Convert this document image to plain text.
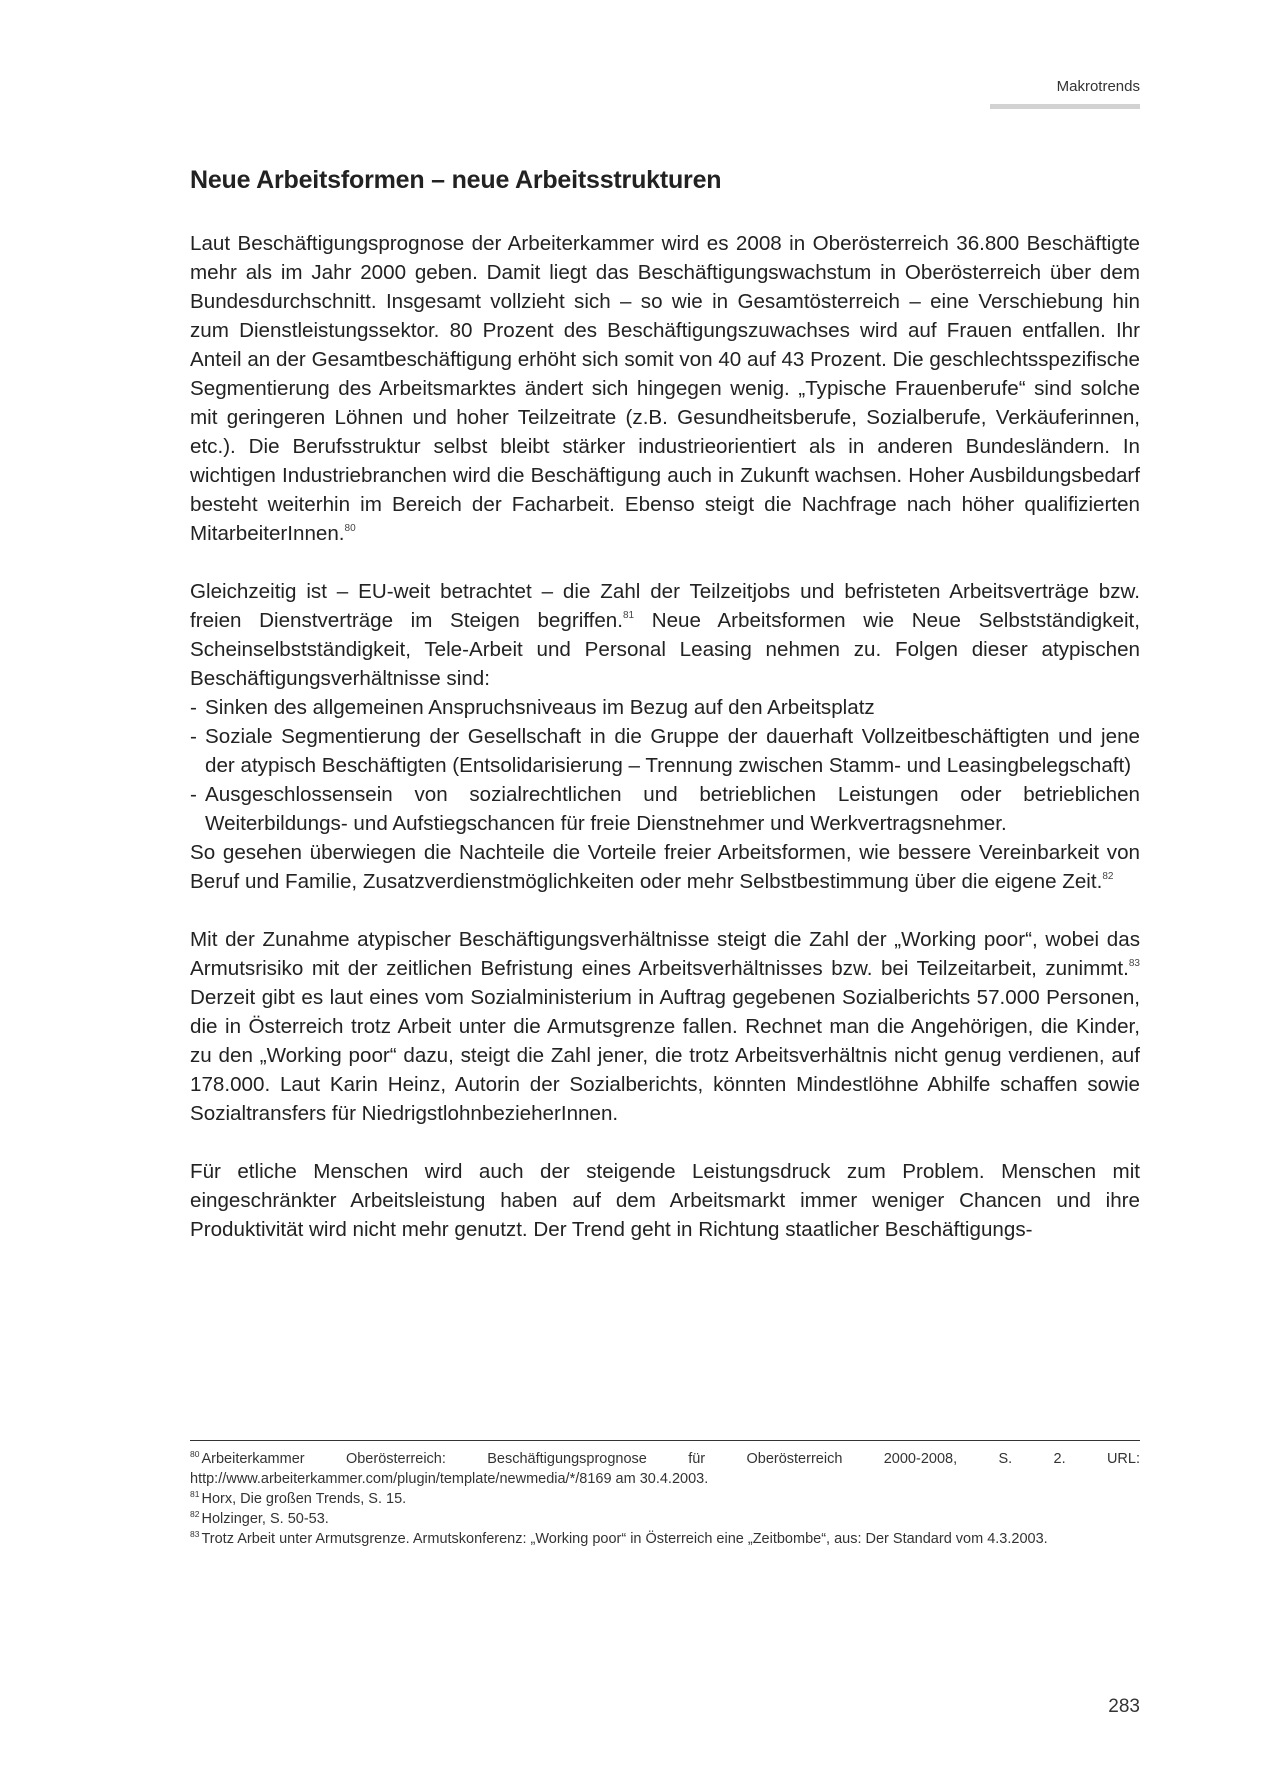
Makrotrends
Neue Arbeitsformen – neue Arbeitsstrukturen

Laut Beschäftigungsprognose der Arbeiterkammer wird es 2008 in Oberösterreich 36.800 Beschäftigte mehr als im Jahr 2000 geben. Damit liegt das Beschäftigungswachstum in Oberösterreich über dem Bundesdurchschnitt. Insgesamt vollzieht sich – so wie in Gesamtösterreich – eine Verschiebung hin zum Dienstleistungssektor. 80 Prozent des Beschäftigungszuwachses wird auf Frauen entfallen. Ihr Anteil an der Gesamtbeschäftigung erhöht sich somit von 40 auf 43 Prozent. Die geschlechtsspezifische Segmentierung des Arbeitsmarktes ändert sich hingegen wenig. „Typische Frauenberufe“ sind solche mit geringeren Löhnen und hoher Teilzeitrate (z.B. Gesundheitsberufe, Sozialberufe, Verkäuferinnen, etc.). Die Berufsstruktur selbst bleibt stärker industrieorientiert als in anderen Bundesländern. In wichtigen Industriebranchen wird die Beschäftigung auch in Zukunft wachsen. Hoher Ausbildungsbedarf besteht weiterhin im Bereich der Facharbeit. Ebenso steigt die Nachfrage nach höher qualifizierten MitarbeiterInnen.$^{80}$

Gleichzeitig ist – EU-weit betrachtet – die Zahl der Teilzeitjobs und befristeten Arbeitsverträge bzw. freien Dienstverträge im Steigen begriffen.$^{81}$ Neue Arbeitsformen wie Neue Selbstständigkeit, Scheinselbstständigkeit, Tele-Arbeit und Personal Leasing nehmen zu. Folgen dieser atypischen Beschäftigungsverhältnisse sind:

- Sinken des allgemeinen Anspruchsniveaus im Bezug auf den Arbeitsplatz
- Soziale Segmentierung der Gesellschaft in die Gruppe der dauerhaft Vollzeitbeschäftigten und jene der atypisch Beschäftigten (Entsolidarisierung – Trennung zwischen Stamm- und Leasingbelegschaft)
- Ausgeschlossensein von sozialrechtlichen und betrieblichen Leistungen oder betrieblichen Weiterbildungs- und Aufstiegschancen für freie Dienstnehmer und Werkvertragsnehmer.

So gesehen überwiegen die Nachteile die Vorteile freier Arbeitsformen, wie bessere Vereinbarkeit von Beruf und Familie, Zusatzverdienstmöglichkeiten oder mehr Selbstbestimmung über die eigene Zeit.$^{82}$

Mit der Zunahme atypischer Beschäftigungsverhältnisse steigt die Zahl der „Working poor“, wobei das Armutsrisiko mit der zeitlichen Befristung eines Arbeitsverhältnisses bzw. bei Teilzeitarbeit, zunimmt.$^{83}$ Derzeit gibt es laut eines vom Sozialministerium in Auftrag gegebenen Sozialberichts 57.000 Personen, die in Österreich trotz Arbeit unter die Armutsgrenze fallen. Rechnet man die Angehörigen, die Kinder, zu den „Working poor“ dazu, steigt die Zahl jener, die trotz Arbeitsverhältnis nicht genug verdienen, auf 178.000. Laut Karin Heinz, Autorin der Sozialberichts, könnten Mindestlöhne Abhilfe schaffen sowie Sozialtransfers für NiedrigstlohnbezieherInnen.

Für etliche Menschen wird auch der steigende Leistungsdruck zum Problem. Menschen mit eingeschränkter Arbeitsleistung haben auf dem Arbeitsmarkt immer weniger Chancen und ihre Produktivität wird nicht mehr genutzt. Der Trend geht in Richtung staatlicher Beschäftigungs-

$^{80}$ Arbeiterkammer Oberösterreich: Beschäftigungsprognose für Oberösterreich 2000-2008, S. 2. URL: http://www.arbeiterkammer.com/plugin/template/newmedia/*/8169 am 30.4.2003.
$^{81}$ Horx, Die großen Trends, S. 15.
$^{82}$ Holzinger, S. 50-53.
$^{83}$ Trotz Arbeit unter Armutsgrenze. Armutskonferenz: „Working poor“ in Österreich eine „Zeitbombe“, aus: Der Standard vom 4.3.2003.
283
